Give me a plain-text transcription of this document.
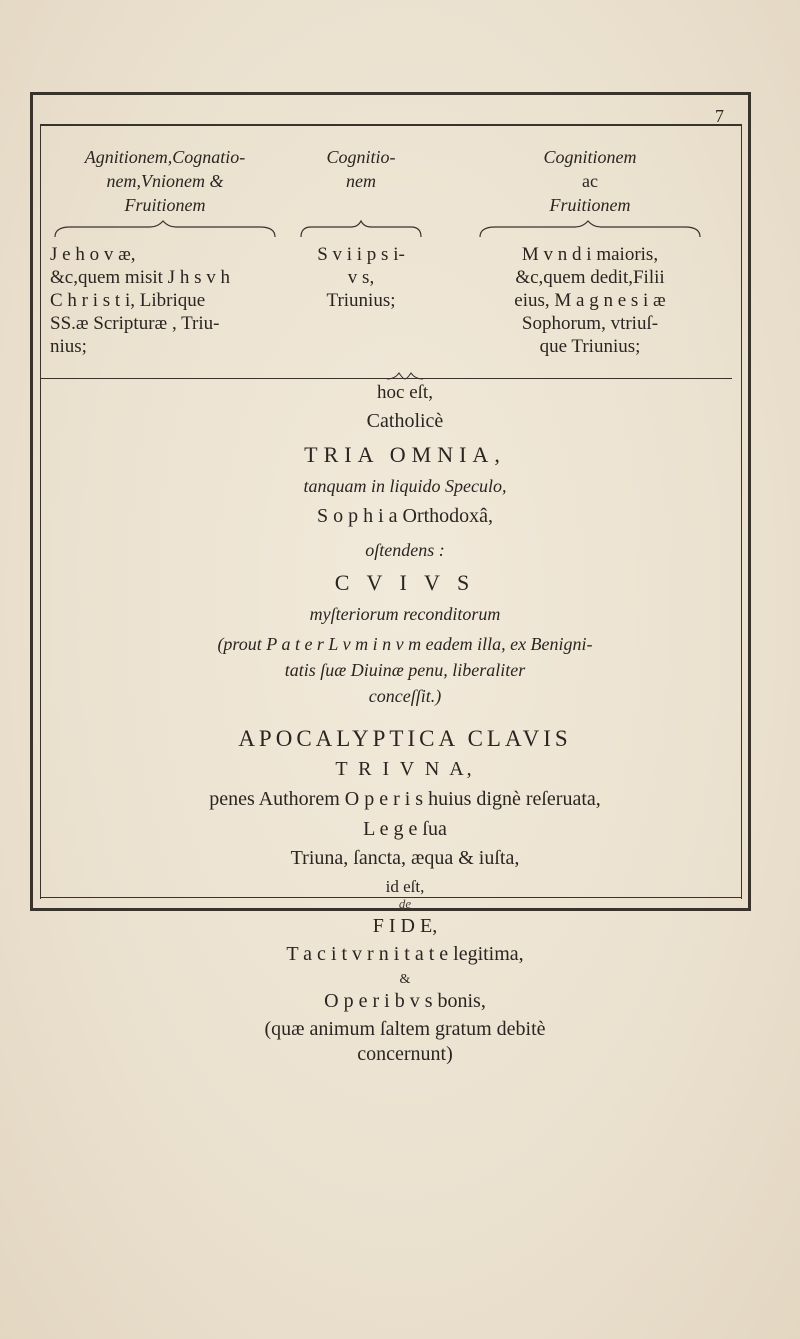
7
Agnitionem,Cognatio-
nem,Vnionem &
Fruitionem
J e h o v æ,
&c,quem misit J h s v h
C h r i s t i, Librique
SS.æ Scripturæ , Triu-
nius;
Cognitio-
nem
S v i i p s i-
v s,
Triunius;
Cognitionem
ac
Fruitionem
M v n d i maioris,
&c,quem dedit,Filii
eius, M a g n e s i æ
Sophorum, vtriuſ-
que Triunius;
hoc eſt,
Catholicè
TRIA OMNIA,
tanquam in liquido Speculo,
S o p h i a Orthodoxâ,
oſtendens :
C V I V S
myſteriorum reconditorum
(prout P a t e r L v m i n v m eadem illa, ex Benigni-
tatis ſuæ Diuinæ penu, liberaliter
conceſſit.)
APOCALYPTICA CLAVIS
T R I V N A,
penes Authorem O p e r i s huius dignè reſeruata,
L e g e ſua
Triuna, ſancta, æqua & iuſta,
id eſt,
F I D E,
T a c i t v r n i t a t e legitima,
&
O p e r i b v s bonis,
(quæ animum ſaltem gratum debitè
concernunt)
de
